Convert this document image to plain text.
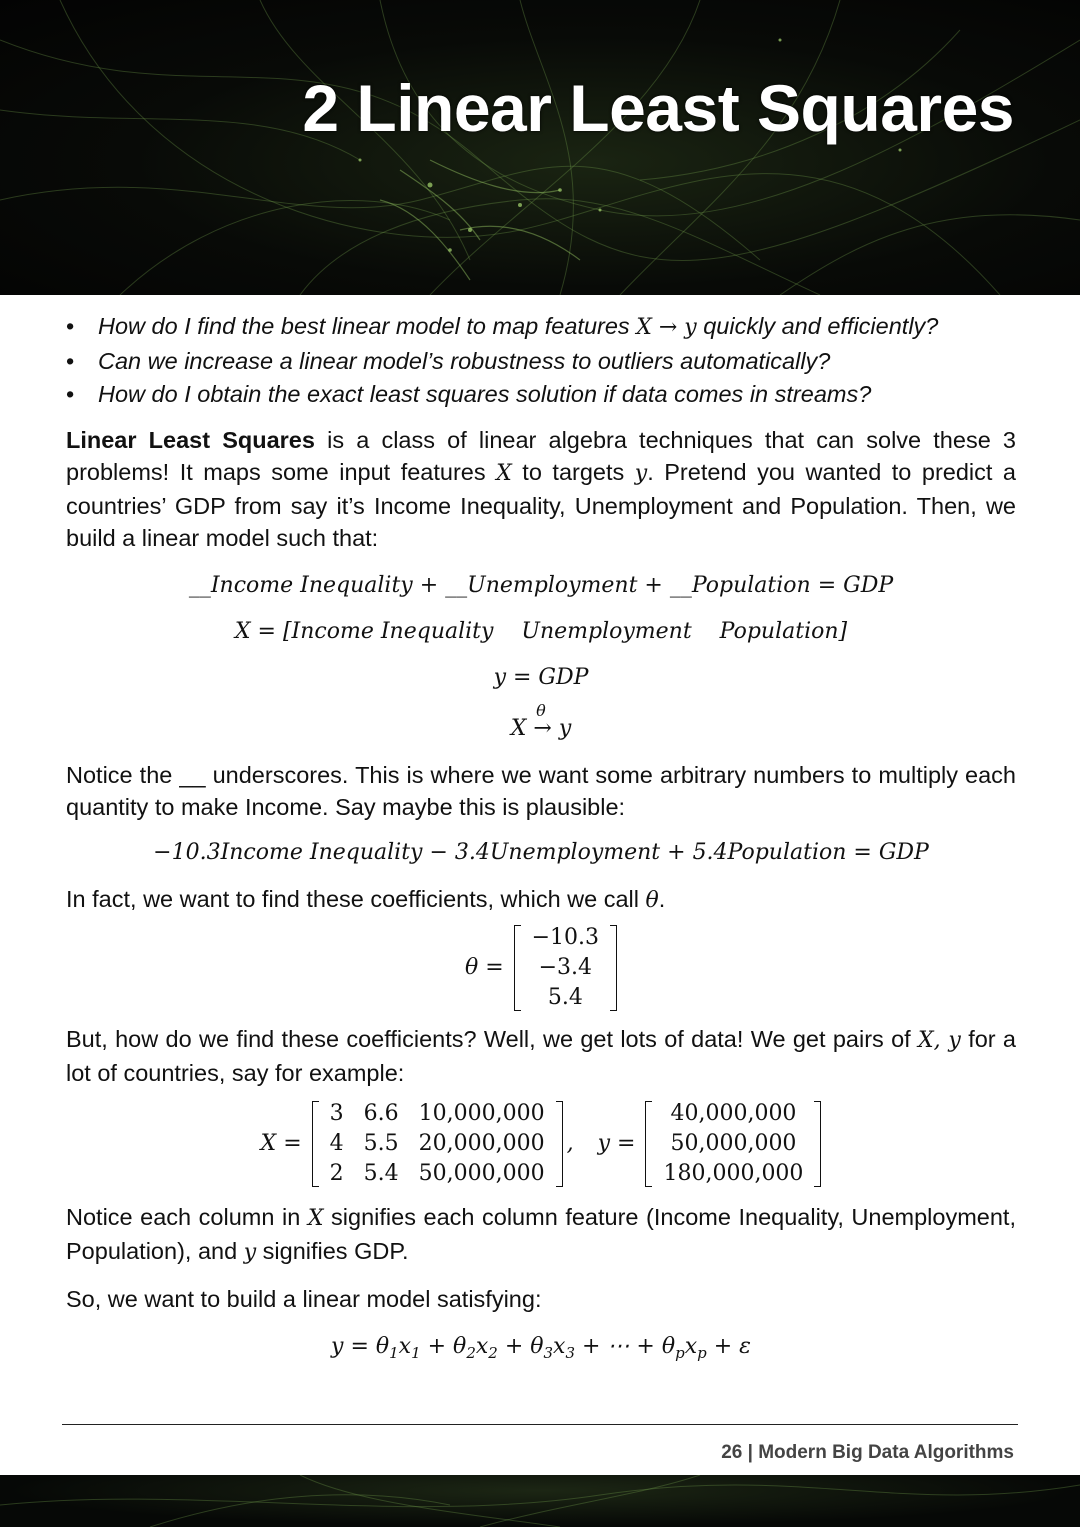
2 Linear Least Squares
• How do I find the best linear model to map features X → y quickly and efficiently?
• Can we increase a linear model’s robustness to outliers automatically?
• How do I obtain the exact least squares solution if data comes in streams?

Linear Least Squares is a class of linear algebra techniques that can solve these 3 problems! It maps some input features X to targets y. Pretend you wanted to predict a countries’ GDP from say it’s Income Inequality, Unemployment and Population. Then, we build a linear model such that:

__Income Inequality + __Unemployment + __Population = GDP
X = [Income Inequality    Unemployment    Population]
y = GDP
θ
X → y

Notice the __ underscores. This is where we want some arbitrary numbers to multiply each quantity to make Income. Say maybe this is plausible:

−10.3Income Inequality − 3.4Unemployment + 5.4Population = GDP

In fact, we want to find these coefficients, which we call θ.

θ =
−10.3
−3.4
5.4

But, how do we find these coefficients? Well, we get lots of data! We get pairs of X, y for a lot of countries, say for example:

X =
3	6.6	10,000,000
4	5.5	20,000,000
2	5.4	50,000,000
, y =
40,000,000
50,000,000
180,000,000

Notice each column in X signifies each column feature (Income Inequality, Unemployment, Population), and y signifies GDP.

So, we want to build a linear model satisfying:

$y = \theta_1x_1 + \theta_2x_2 + \theta_3x_3$ + ⋯ + $\theta_px_p + \varepsilon$
26 | Modern Big Data Algorithms
